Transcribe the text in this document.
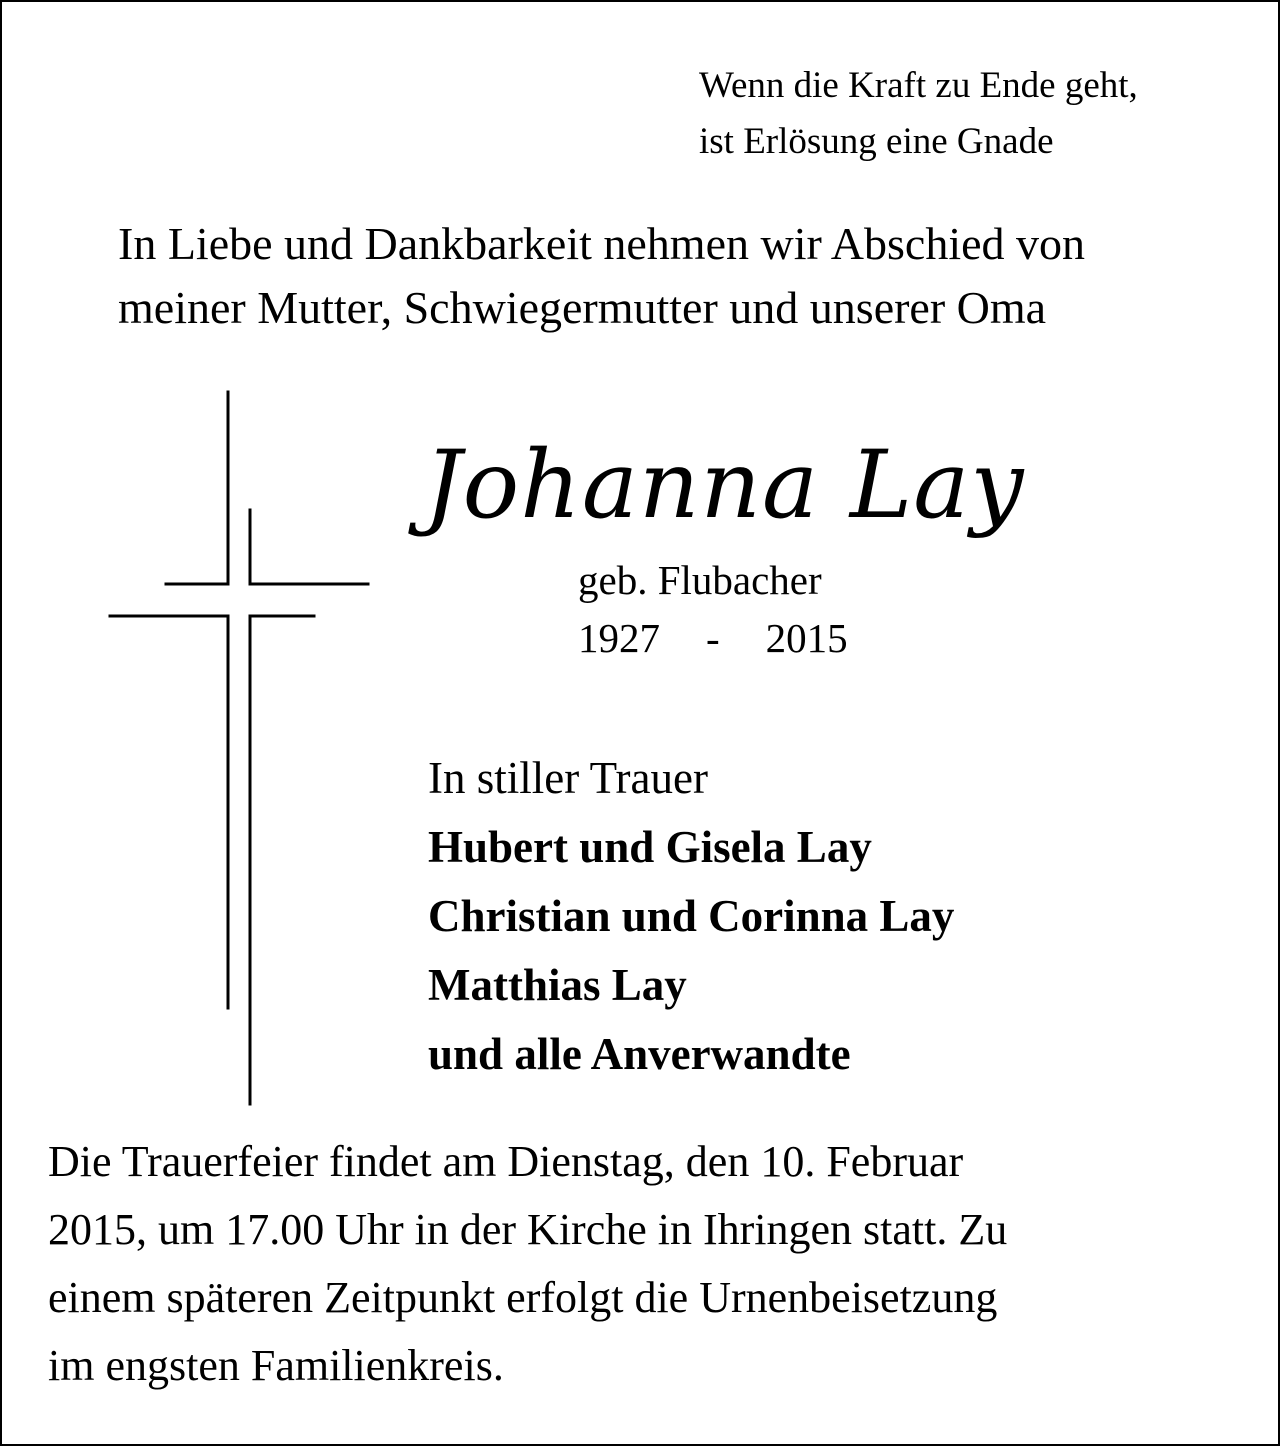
Wenn die Kraft zu Ende geht,
ist Erlösung eine Gnade
In Liebe und Dankbarkeit nehmen wir Abschied von
meiner Mutter, Schwiegermutter und unserer Oma
Johanna Lay
geb. Flubacher
1927 - 2015
In stiller Trauer
Hubert und Gisela Lay
Christian und Corinna Lay
Matthias Lay
und alle Anverwandte
Die Trauerfeier findet am Dienstag, den 10. Februar
2015, um 17.00 Uhr in der Kirche in Ihringen statt. Zu
einem späteren Zeitpunkt erfolgt die Urnenbeisetzung
im engsten Familienkreis.
